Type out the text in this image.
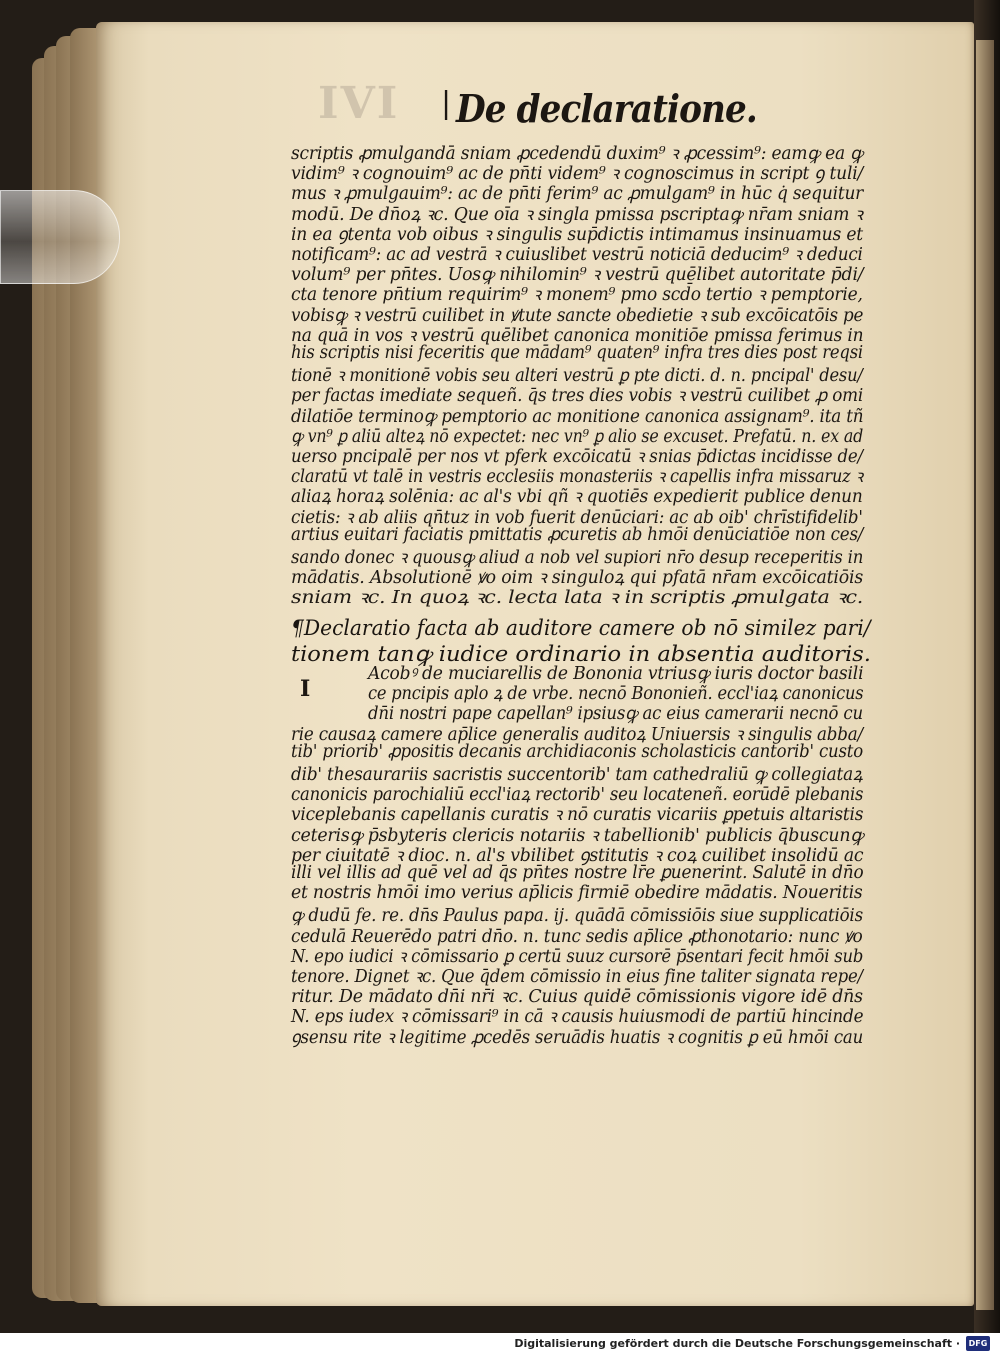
IVI | De declaratione.
scriptis ꝓmulgandā sniam ꝓcedendū duxim⁹ ꝛ ꝓcessim⁹: eamꝙ ea ꝙ
vidim⁹ ꝛ cognouim⁹ ac de pn̄ti videm⁹ ꝛ cognoscimus in script ꝯ tuli/
mus ꝛ ꝓmulgauim⁹: ac de pn̄ti ferim⁹ ac ꝓmulgam⁹ in hūc q̇ sequitur
modū. De dn̄oꝝ ꝛc. Que oīa ꝛ singla pmissa pscriptaꝙ nr̄am sniam ꝛ
in ea ꝯtenta vob oibus ꝛ singulis sup̄dictis intimamus insinuamus et
notificam⁹: ac ad vestrā ꝛ cuiuslibet vestrū noticiā deducim⁹ ꝛ deduci
volum⁹ per pn̄tes. Uosꝙ nihilomin⁹ ꝛ vestrū quēlibet autoritate p̄di/
cta tenore pn̄tium requirim⁹ ꝛ monem⁹ pmo scd̄o tertio ꝛ pemptorie,
vobisꝙ ꝛ vestrū cuilibet in ꝟtute sancte obedietie ꝛ sub excōicatōis pe
na quā in vos ꝛ vestrū quēlibet canonica monitiōe pmissa ferimus in
his scriptis nisi feceritis que mādam⁹ quaten⁹ infra tres dies post reqsi
tionē ꝛ monitionē vobis seu alteri vestrū ꝑ pte dicti. d. n. pncipal' desu/
per factas imediate sequeñ. q̄s tres dies vobis ꝛ vestrū cuilibet ꝓ omi
dilatiōe terminoꝙ pemptorio ac monitione canonica assignam⁹. ita tñ
ꝙ vn⁹ ꝑ aliū alteꝝ nō expectet: nec vn⁹ ꝑ alio se excuset. Prefatū. n. ex ad
uerso pncipalē per nos vt pferk excōicatū ꝛ snias p̄dictas incidisse de/
claratū vt talē in vestris ecclesiis monasteriis ꝛ capellis infra missaruz ꝛ
aliaꝝ horaꝝ solēnia: ac al's vbi qñ ꝛ quotiēs expedierit publice denun
cietis: ꝛ ab aliis qn̄tuz in vob fuerit denūciari: ac ab oib' chrīstifidelib'
artius euitari faciatis pmittatis ꝓcuretis ab hmōi denūciatiōe non ces/
sando donec ꝛ quousꝙ aliud a nob vel supiori nr̄o desup receperitis in
mādatis. Absolutionē ꝟo oim ꝛ singuloꝝ qui pfatā nr̄am excōicatiōis
sniam ꝛc. In quoꝝ ꝛc. lecta lata ꝛ in scriptis ꝓmulgata ꝛc.
¶Declaratio facta ab auditore camere ob nō similez pari/
tionem tanꝙ iudice ordinario in absentia auditoris.
I
Acobꝰ de muciarellis de Bononia vtriusꝙ iuris doctor basili
ce pncipis aplo ꝝ de vrbe. necnō Bononieñ. eccl'iaꝝ canonicus
dn̄i nostri pape capellan⁹ ipsiusꝙ ac eius camerarii necnō cu
rie causaꝝ camere ap̄lice generalis auditoꝝ Uniuersis ꝛ singulis abba/
tib' priorib' ꝓpositis decanis archidiaconis scholasticis cantorib' custo
dib' thesaurariis sacristis succentorib' tam cathedraliū ꝙ collegiataꝝ
canonicis parochialiū eccl'iaꝝ rectorib' seu locateneñ. eorūdē plebanis
viceplebanis capellanis curatis ꝛ nō curatis vicariis ꝑpetuis altaristis
ceterisꝙ p̄sbyteris clericis notariis ꝛ tabellionib' publicis q̄buscunꝙ
per ciuitatē ꝛ dioc. n. al's vbilibet ꝯstitutis ꝛ coꝝ cuilibet insolidū ac
illi vel illis ad quē vel ad q̄s pn̄tes nostre lr̄e ꝑuenerint. Salutē in dn̄o
et nostris hmōi imo verius ap̄licis firmiē obedire mādatis. Noueritis
ꝙ dudū fe. re. dn̄s Paulus papa. ij. quādā cōmissiōis siue supplicatiōis
cedulā Reuerēdo patri dn̄o. n. tunc sedis ap̄lice ꝓthonotario: nunc ꝟo
N. epo iudici ꝛ cōmissario ꝑ certū suuz cursorē p̄sentari fecit hmōi sub
tenore. Dignet ꝛc. Que q̄dem cōmissio in eius fine taliter signata repe/
ritur. De mādato dn̄i nr̄i ꝛc. Cuius quidē cōmissionis vigore idē dn̄s
N. eps iudex ꝛ cōmissari⁹ in cā ꝛ causis huiusmodi de partiū hincinde
ꝯsensu rite ꝛ legitime ꝓcedēs seruādis huatis ꝛ cognitis ꝑ eū hmōi cau
Digitalisierung gefördert durch die Deutsche Forschungsgemeinschaft ·	DFG
